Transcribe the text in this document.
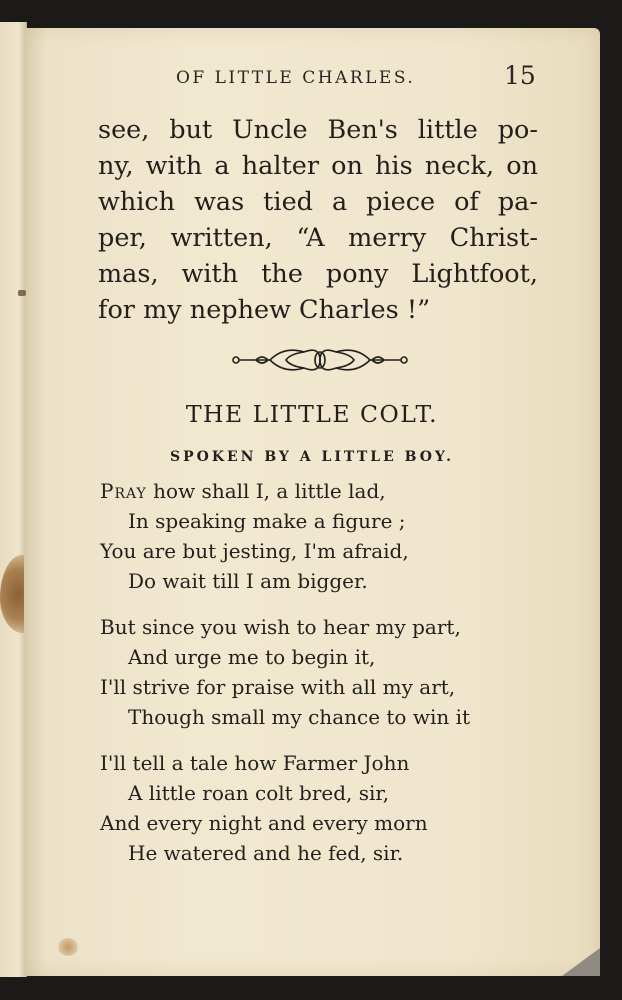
OF LITTLE CHARLES.	15
see, but Uncle Ben's little po-
ny, with a halter on his neck, on
which was tied a piece of pa-
per, written, “A merry Christ-
mas, with the pony Lightfoot,
for my nephew Charles !”
THE LITTLE COLT.
SPOKEN BY A LITTLE BOY.
Pray how shall I, a little lad,
In speaking make a figure ;
You are but jesting, I'm afraid,
Do wait till I am bigger.
But since you wish to hear my part,
And urge me to begin it,
I'll strive for praise with all my art,
Though small my chance to win it
I'll tell a tale how Farmer John
A little roan colt bred, sir,
And every night and every morn
He watered and he fed, sir.
